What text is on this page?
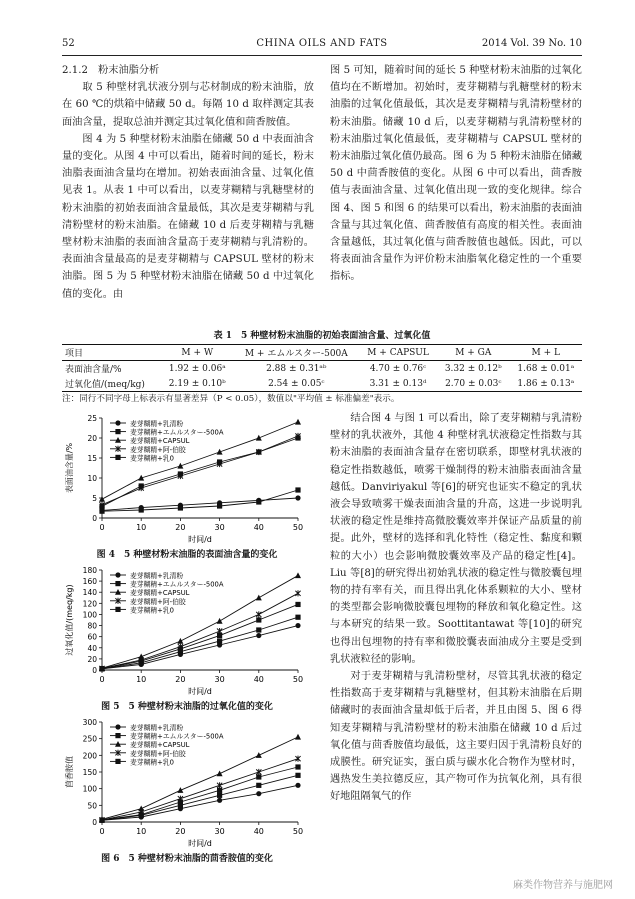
52	CHINA OILS AND FATS	2014 Vol. 39 No. 10

2.1.2　粉末油脂分析

取 5 种壁材乳状液分别与芯材制成的粉末油脂，放在 60 ℃的烘箱中储藏 50 d。每隔 10 d 取样测定其表面油含量，提取总油并测定其过氧化值和茴香胺值。

图 4 为 5 种壁材粉末油脂在储藏 50 d 中表面油含量的变化。从图 4 中可以看出，随着时间的延长，粉末油脂表面油含量均在增加。初始表面油含量、过氧化值见表 1。从表 1 中可以看出，以麦芽糊精与乳糖壁材的粉末油脂的初始表面油含量最低，其次是麦芽糊精与乳清粉壁材的粉末油脂。在储藏 10 d 后麦芽糊精与乳糖壁材粉末油脂的表面油含量高于麦芽糊精与乳清粉的。表面油含量最高的是麦芽糊精与 CAPSUL 壁材的粉末油脂。图 5 为 5 种壁材粉末油脂在储藏 50 d 中过氧化值的变化。由

图 5 可知，随着时间的延长 5 种壁材粉末油脂的过氧化值均在不断增加。初始时，麦芽糊精与乳糖壁材的粉末油脂的过氧化值最低，其次是麦芽糊精与乳清粉壁材的粉末油脂。储藏 10 d 后，以麦芽糊精与乳清粉壁材的粉末油脂过氧化值最低，麦芽糊精与 CAPSUL 壁材的粉末油脂过氧化值仍最高。图 6 为 5 种粉末油脂在储藏 50 d 中茴香胺值的变化。从图 6 中可以看出，茴香胺值与表面油含量、过氧化值出现一致的变化规律。综合图 4、图 5 和图 6 的结果可以看出，粉末油脂的表面油含量与其过氧化值、茴香胺值有高度的相关性。表面油含量越低，其过氧化值与茴香胺值也越低。因此，可以将表面油含量作为评价粉末油脂氧化稳定性的一个重要指标。

表 1　5 种壁材粉末油脂的初始表面油含量、过氧化值
项目	M + W	M + エムルスター-500A	M + CAPSUL	M + GA	M + L
表面油含量/%	1.92 ± 0.06ᵃ	2.88 ± 0.31ᵃᵇ	4.70 ± 0.76ᶜ	3.32 ± 0.12ᵇ	1.68 ± 0.01ᵃ
过氧化值/(meq/kg)	2.19 ± 0.10ᵇ	2.54 ± 0.05ᶜ	3.31 ± 0.13ᵈ	2.70 ± 0.03ᶜ	1.86 ± 0.13ᵃ
注：同行不同字母上标表示有显著差异（P < 0.05），数值以"平均值 ± 标准偏差"表示。
0	10	20	30	40	50
0
5
10
15
20
25
时间/d
表面油含量/%
麦芽糊精+乳清粉
麦芽糊精+エムルスター-500A
麦芽糊精+CAPSUL
麦芽糊精+阿-伯胶
麦芽糊精+乳0
图 4　5 种壁材粉末油脂的表面油含量的变化
0	10	20	30	40	50
0
20
40
60
80
100
120
140
160
180
时间/d
过氧化值/(meq/kg)
麦芽糊精+乳清粉
麦芽糊精+エムルスター-500A
麦芽糊精+CAPSUL
麦芽糊精+阿-伯胶
麦芽糊精+乳0
图 5　5 种壁材粉末油脂的过氧化值的变化
0	10	20	30	40	50
0
50
100
150
200
250
300
时间/d
茴香胺值
麦芽糊精+乳清粉
麦芽糊精+エムルスター-500A
麦芽糊精+CAPSUL
麦芽糊精+阿-伯胶
麦芽糊精+乳0
图 6　5 种壁材粉末油脂的茴香胺值的变化

结合图 4 与图 1 可以看出，除了麦芽糊精与乳清粉壁材的乳状液外，其他 4 种壁材乳状液稳定性指数与其粉末油脂的表面油含量存在密切联系，即壁材乳状液的稳定性指数越低，喷雾干燥制得的粉末油脂表面油含量越低。Danviriyakul 等[6]的研究也证实不稳定的乳状液会导致喷雾干燥表面油含量的升高，这进一步说明乳状液的稳定性是维持高微胶囊效率并保证产品质量的前提。此外，壁材的选择和乳化特性（稳定性、黏度和颗粒的大小）也会影响微胶囊效率及产品的稳定性[4]。Liu 等[8]的研究得出初始乳状液的稳定性与微胶囊包埋物的持有率有关，而且得出乳化体系颗粒的大小、壁材的类型都会影响微胶囊包埋物的释放和氧化稳定性。这与本研究的结果一致。Soottitantawat 等[10]的研究也得出包埋物的持有率和微胶囊表面油成分主要是受到乳状液粒径的影响。

对于麦芽糊精与乳清粉壁材，尽管其乳状液的稳定性指数高于麦芽糊精与乳糖壁材，但其粉末油脂在后期储藏时的表面油含量却低于后者，并且由图 5、图 6 得知麦芽糊精与乳清粉壁材的粉末油脂在储藏 10 d 后过氧化值与茴香胺值均最低，这主要归因于乳清粉良好的成膜性。研究证实，蛋白质与碳水化合物作为壁材时，遇热发生美拉德反应，其产物可作为抗氧化剂，具有很好地阻隔氧气的作

麻类作物营养与施肥网
